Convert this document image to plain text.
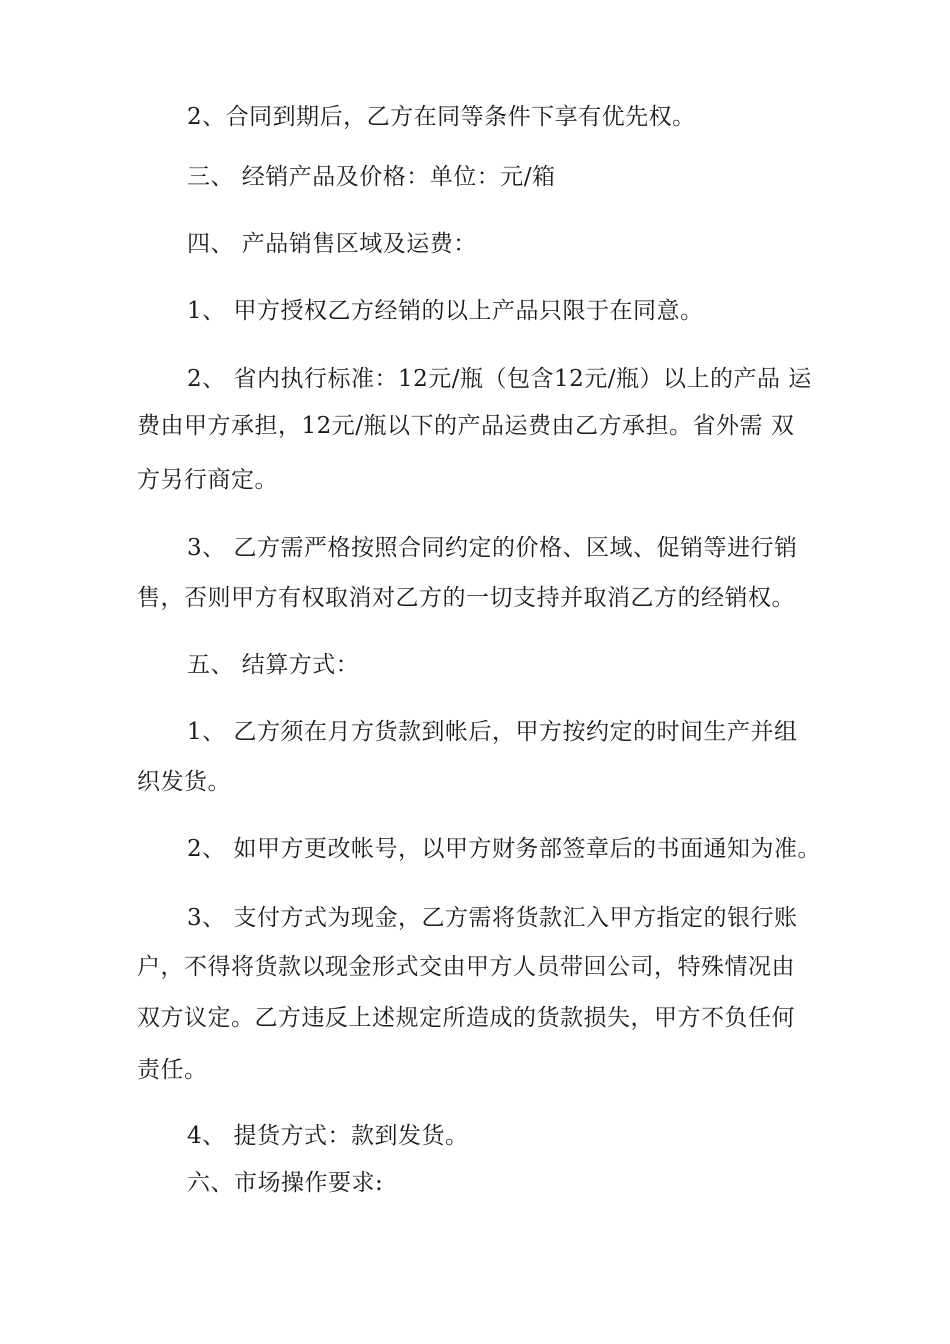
2、合同到期后，乙方在同等条件下享有优先权。
三、 经销产品及价格：单位：元/箱
四、 产品销售区域及运费：
1、 甲方授权乙方经销的以上产品只限于在同意。
2、 省内执行标准：12元/瓶（包含12元/瓶）以上的产品 运
费由甲方承担，12元/瓶以下的产品运费由乙方承担。省外需 双
方另行商定。
3、 乙方需严格按照合同约定的价格、区域、促销等进行销
售，否则甲方有权取消对乙方的一切支持并取消乙方的经销权。
五、 结算方式：
1、 乙方须在月方货款到帐后，甲方按约定的时间生产并组
织发货。
2、 如甲方更改帐号，以甲方财务部签章后的书面通知为准。
3、 支付方式为现金，乙方需将货款汇入甲方指定的银行账
户，不得将货款以现金形式交由甲方人员带回公司，特殊情况由
双方议定。乙方违反上述规定所造成的货款损失，甲方不负任何
责任。
4、 提货方式：款到发货。
六、市场操作要求:
